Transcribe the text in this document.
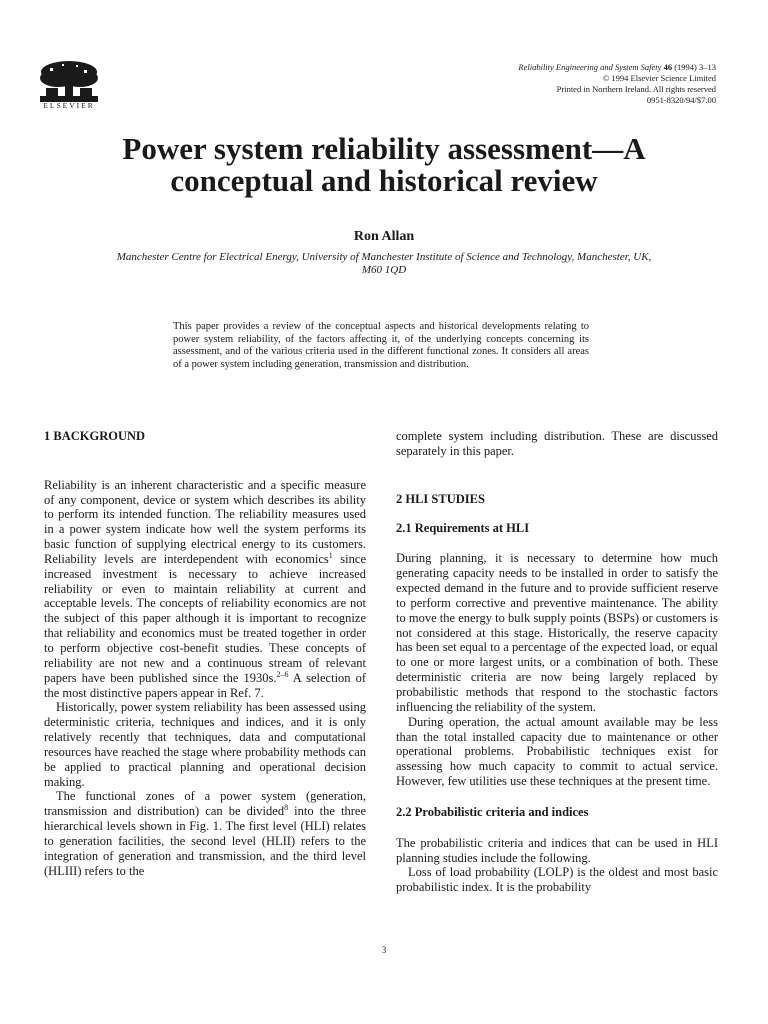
ELSEVIER
Reliability Engineering and System Safety 46 (1994) 3–13
© 1994 Elsevier Science Limited
Printed in Northern Ireland. All rights reserved
0951-8320/94/$7.00
Power system reliability assessment—A
conceptual and historical review
Ron Allan
Manchester Centre for Electrical Energy, University of Manchester Institute of Science and Technology, Manchester, UK,
M60 1QD
This paper provides a review of the conceptual aspects and historical developments relating to power system reliability, of the factors affecting it, of the underlying concepts concerning its assessment, and of the various criteria used in the different functional zones. It considers all areas of a power system including generation, transmission and distribution.
1 BACKGROUND

Reliability is an inherent characteristic and a specific measure of any component, device or system which describes its ability to perform its intended function. The reliability measures used in a power system indicate how well the system performs its basic function of supplying electrical energy to its customers. Reliability levels are interdependent with economics$^1$ since increased investment is necessary to achieve increased reliability or even to maintain reliability at current and acceptable levels. The concepts of reliability economics are not the subject of this paper although it is important to recognize that reliability and economics must be treated together in order to perform objective cost-benefit studies. These concepts of reliability are not new and a continuous stream of relevant papers have been published since the 1930s.$^{2-6}$ A selection of the most distinctive papers appear in Ref. 7.

Historically, power system reliability has been assessed using deterministic criteria, techniques and indices, and it is only relatively recently that techniques, data and computational resources have reached the stage where probability methods can be applied to practical planning and operational decision making.

The functional zones of a power system (generation, transmission and distribution) can be divided$^8$ into the three hierarchical levels shown in Fig. 1. The first level (HLI) relates to generation facilities, the second level (HLII) refers to the integration of generation and transmission, and the third level (HLIII) refers to the

complete system including distribution. These are discussed separately in this paper.

2 HLI STUDIES
2.1 Requirements at HLI

During planning, it is necessary to determine how much generating capacity needs to be installed in order to satisfy the expected demand in the future and to provide sufficient reserve to perform corrective and preventive maintenance. The ability to move the energy to bulk supply points (BSPs) or customers is not considered at this stage. Historically, the reserve capacity has been set equal to a percentage of the expected load, or equal to one or more largest units, or a combination of both. These deterministic criteria are now being largely replaced by probabilistic methods that respond to the stochastic factors influencing the reliability of the system.

During operation, the actual amount available may be less than the total installed capacity due to maintenance or other operational problems. Probabilistic techniques exist for assessing how much capacity to commit to actual service. However, few utilities use these techniques at the present time.

2.2 Probabilistic criteria and indices

The probabilistic criteria and indices that can be used in HLI planning studies include the following.

Loss of load probability (LOLP) is the oldest and most basic probabilistic index. It is the probability

3
